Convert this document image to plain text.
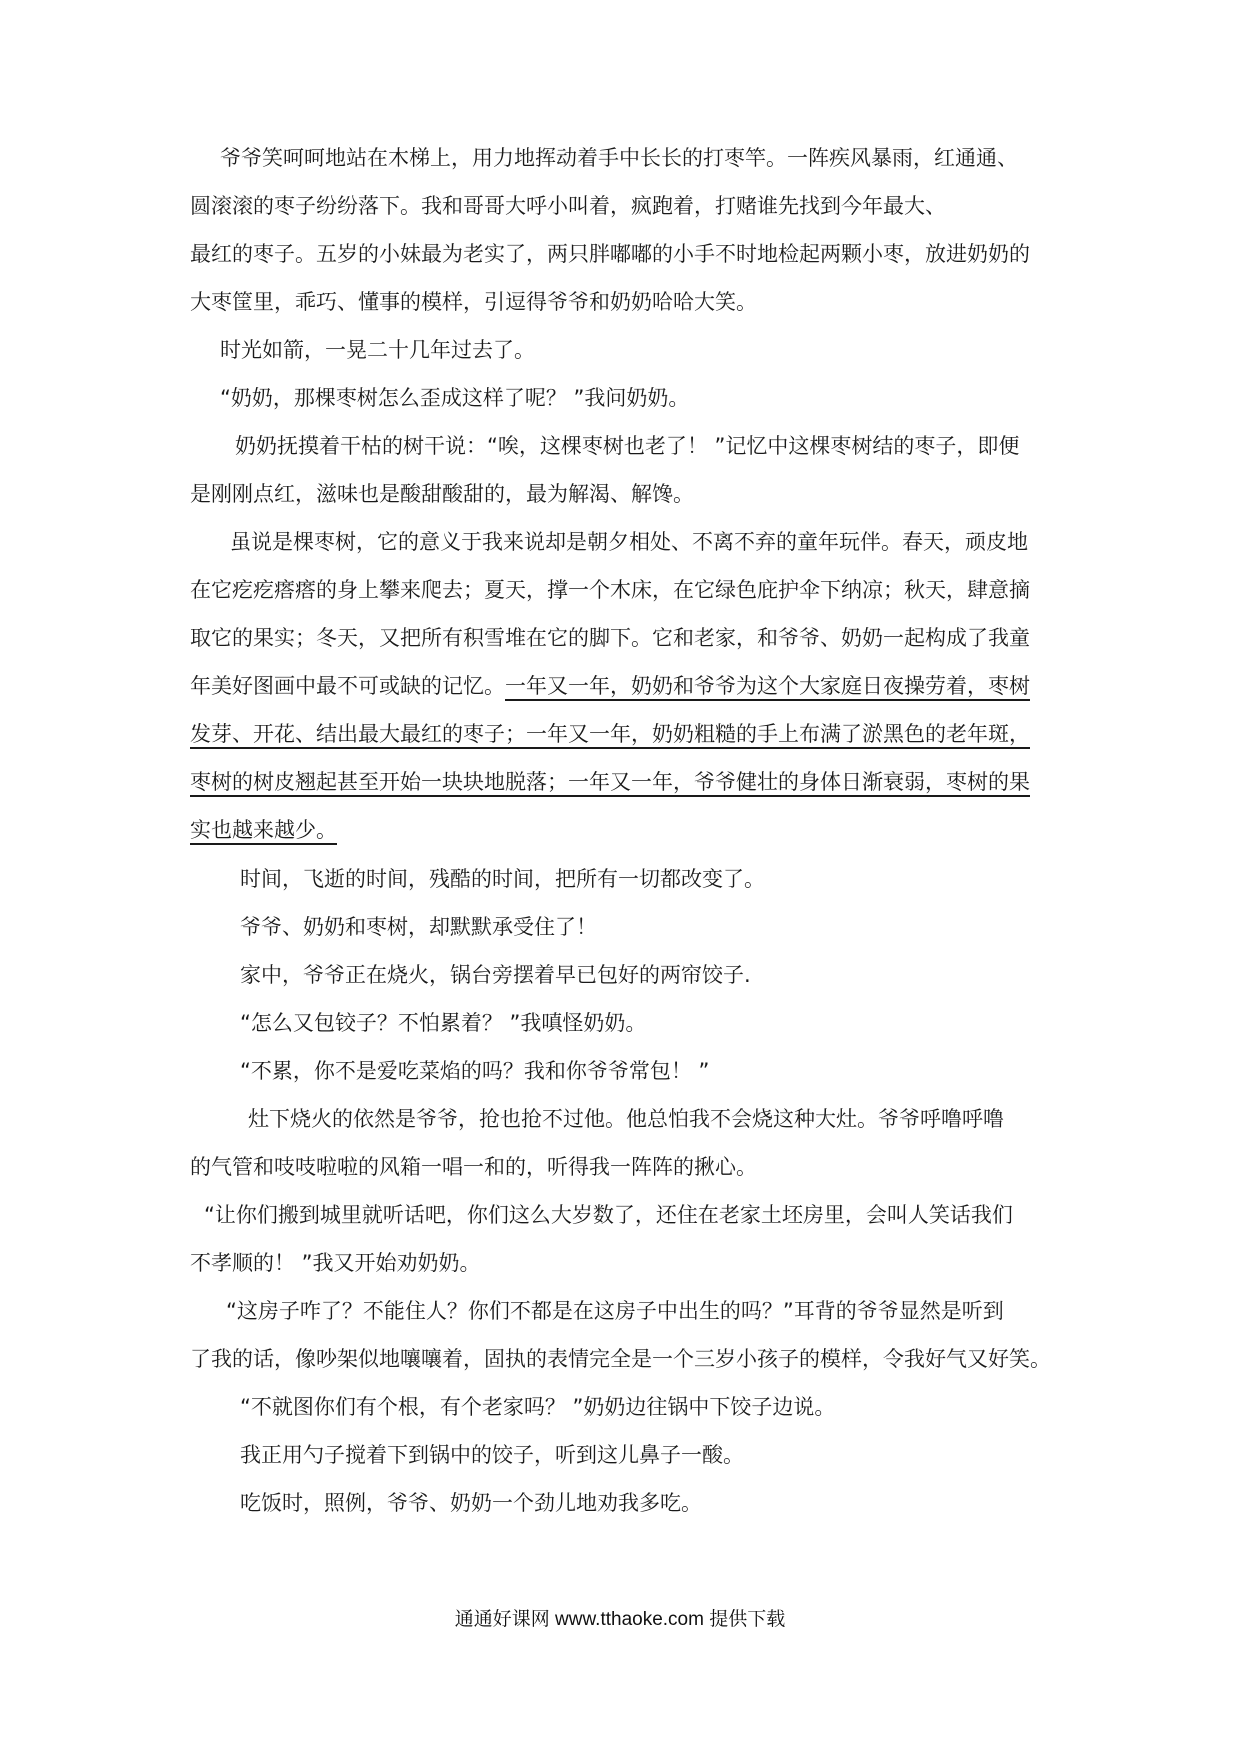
爷爷笑呵呵地站在木梯上，用力地挥动着手中长长的打枣竿。一阵疾风暴雨，红通通、
圆滚滚的枣子纷纷落下。我和哥哥大呼小叫着，疯跑着，打赌谁先找到今年最大、
最红的枣子。五岁的小妹最为老实了，两只胖嘟嘟的小手不时地检起两颗小枣，放进奶奶的
大枣筐里，乖巧、懂事的模样，引逗得爷爷和奶奶哈哈大笑。
时光如箭，一晃二十几年过去了。
“奶奶，那棵枣树怎么歪成这样了呢？ ”我问奶奶。
奶奶抚摸着干枯的树干说：“唉，这棵枣树也老了！ ”记忆中这棵枣树结的枣子，即便
是刚刚点红，滋味也是酸甜酸甜的，最为解渴、解馋。
虽说是棵枣树，它的意义于我来说却是朝夕相处、不离不弃的童年玩伴。春天，顽皮地
在它疙疙瘩瘩的身上攀来爬去；夏天，撑一个木床，在它绿色庇护伞下纳凉；秋天，肆意摘
取它的果实；冬天，又把所有积雪堆在它的脚下。它和老家，和爷爷、奶奶一起构成了我童
年美好图画中最不可或缺的记忆。一年又一年，奶奶和爷爷为这个大家庭日夜操劳着，枣树
发芽、开花、结出最大最红的枣子；一年又一年，奶奶粗糙的手上布满了淤黑色的老年斑，
枣树的树皮翘起甚至开始一块块地脱落；一年又一年，爷爷健壮的身体日渐衰弱，枣树的果
实也越来越少。
时间，飞逝的时间，残酷的时间，把所有一切都改变了。
爷爷、奶奶和枣树，却默默承受住了！
家中，爷爷正在烧火，锅台旁摆着早已包好的两帘饺子.
“怎么又包铰子？不怕累着？ ”我嗔怪奶奶。
“不累，你不是爱吃菜焰的吗？我和你爷爷常包！ ”
灶下烧火的依然是爷爷，抢也抢不过他。他总怕我不会烧这种大灶。爷爷呼噜呼噜
的气管和吱吱啦啦的风箱一唱一和的，听得我一阵阵的揪心。
“让你们搬到城里就听话吧，你们这么大岁数了，还住在老家土坯房里，会叫人笑话我们
不孝顺的！ ”我又开始劝奶奶。
“这房子咋了？不能住人？你们不都是在这房子中出生的吗？”耳背的爷爷显然是听到
了我的话，像吵架似地嚷嚷着，固执的表情完全是一个三岁小孩子的模样，令我好气又好笑。
“不就图你们有个根，有个老家吗？ ”奶奶边往锅中下饺子边说。
我正用勺子搅着下到锅中的饺子，听到这儿鼻子一酸。
吃饭时，照例，爷爷、奶奶一个劲儿地劝我多吃。
通通好课网 www.tthaoke.com 提供下载
